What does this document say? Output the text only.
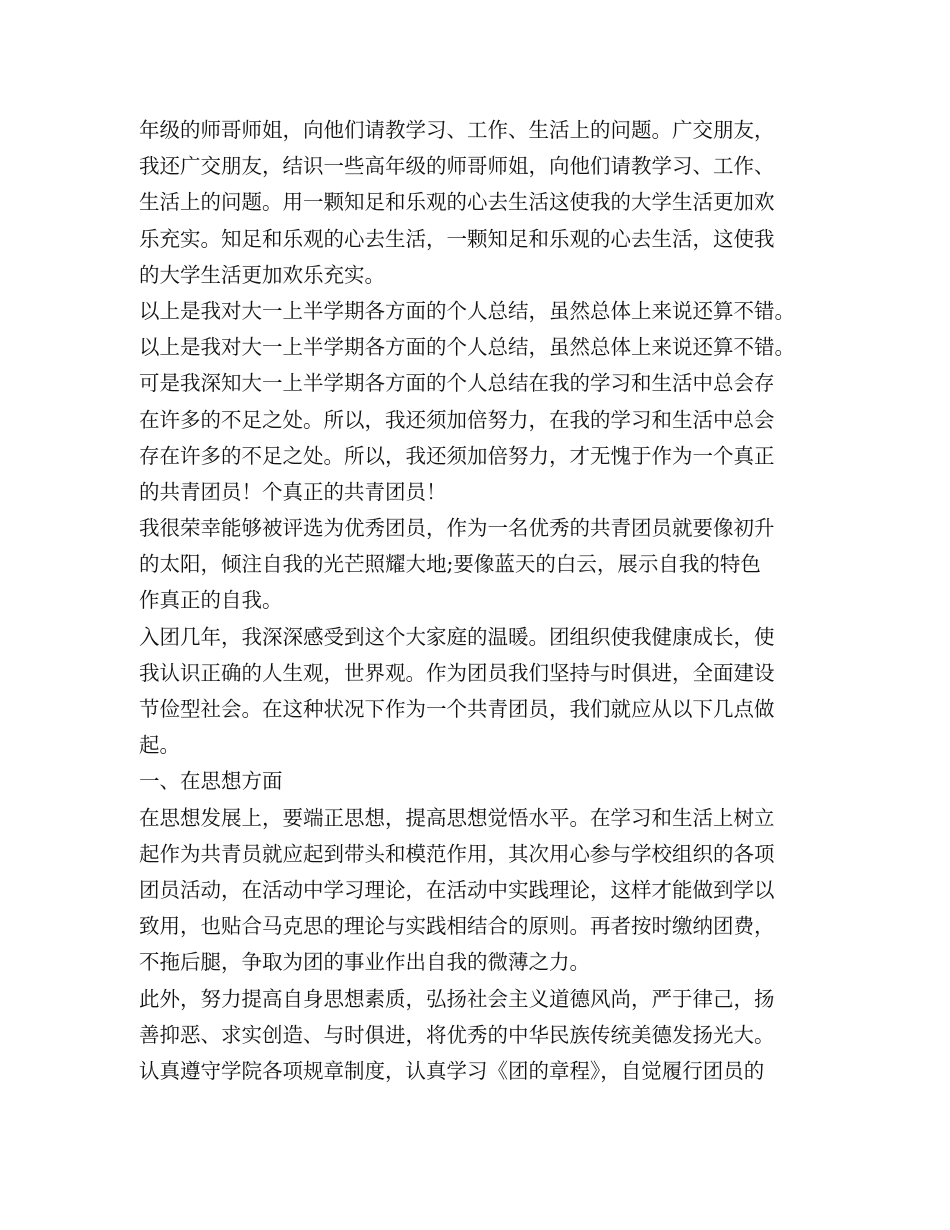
年级的师哥师姐，向他们请教学习、工作、生活上的问题。广交朋友，
我还广交朋友，结识一些高年级的师哥师姐，向他们请教学习、工作、
生活上的问题。用一颗知足和乐观的心去生活这使我的大学生活更加欢
乐充实。知足和乐观的心去生活，一颗知足和乐观的心去生活，这使我
的大学生活更加欢乐充实。
以上是我对大一上半学期各方面的个人总结，虽然总体上来说还算不错。
以上是我对大一上半学期各方面的个人总结，虽然总体上来说还算不错。
可是我深知大一上半学期各方面的个人总结在我的学习和生活中总会存
在许多的不足之处。所以，我还须加倍努力，在我的学习和生活中总会
存在许多的不足之处。所以，我还须加倍努力，才无愧于作为一个真正
的共青团员！个真正的共青团员！
我很荣幸能够被评选为优秀团员，作为一名优秀的共青团员就要像初升
的太阳，倾注自我的光芒照耀大地;要像蓝天的白云，展示自我的特色
作真正的自我。
入团几年，我深深感受到这个大家庭的温暖。团组织使我健康成长，使
我认识正确的人生观，世界观。作为团员我们坚持与时俱进，全面建设
节俭型社会。在这种状况下作为一个共青团员，我们就应从以下几点做
起。
一、在思想方面
在思想发展上，要端正思想，提高思想觉悟水平。在学习和生活上树立
起作为共青员就应起到带头和模范作用，其次用心参与学校组织的各项
团员活动，在活动中学习理论，在活动中实践理论，这样才能做到学以
致用，也贴合马克思的理论与实践相结合的原则。再者按时缴纳团费，
不拖后腿，争取为团的事业作出自我的微薄之力。
此外，努力提高自身思想素质，弘扬社会主义道德风尚，严于律己，扬
善抑恶、求实创造、与时俱进，将优秀的中华民族传统美德发扬光大。
认真遵守学院各项规章制度，认真学习《团的章程》，自觉履行团员的
